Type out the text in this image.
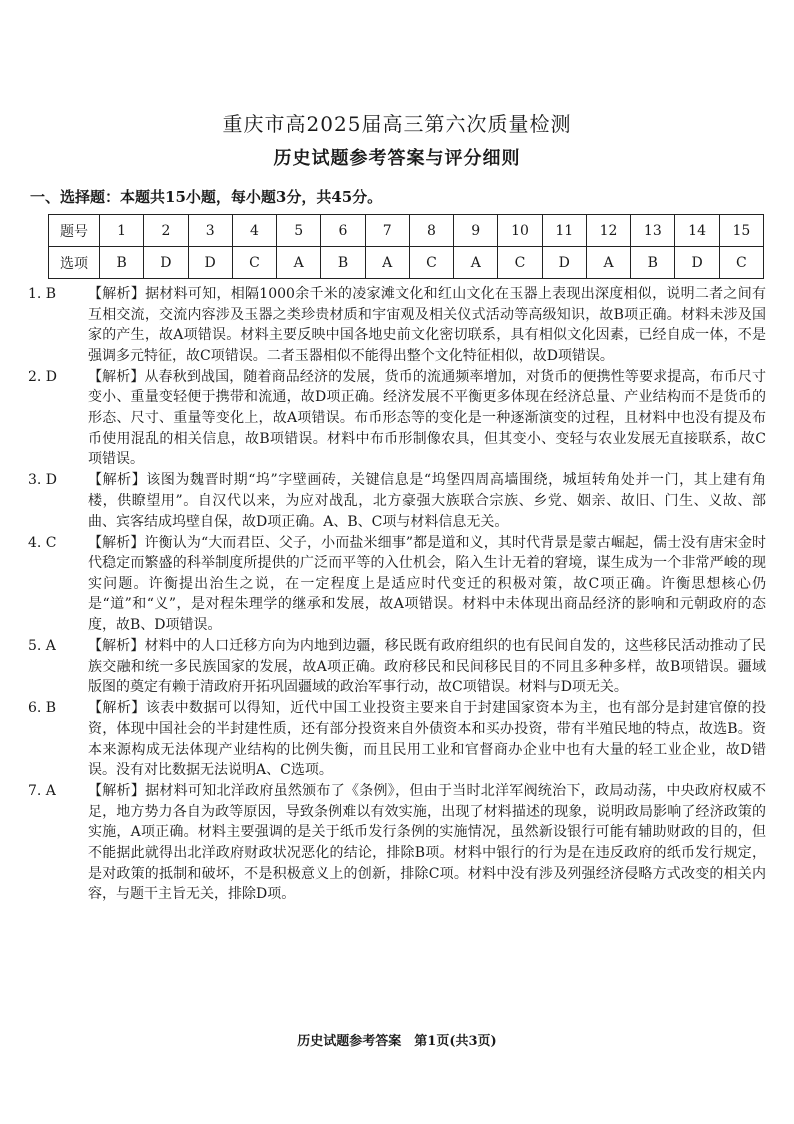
重庆市高2025届高三第六次质量检测
历史试题参考答案与评分细则
一、选择题：本题共15小题，每小题3分，共45分。
题号	1	2	3	4	5	6	7	8	9	10	11	12	13	14	15
选项	B	D	D	C	A	B	A	C	A	C	D	A	B	D	C
1. B	【解析】据材料可知，相隔1000余千米的凌家滩文化和红山文化在玉器上表现出深度相似，说明二者之间有互相交流，交流内容涉及玉器之类珍贵材质和宇宙观及相关仪式活动等高级知识，故B项正确。材料未涉及国家的产生，故A项错误。材料主要反映中国各地史前文化密切联系，具有相似文化因素，已经自成一体，不是强调多元特征，故C项错误。二者玉器相似不能得出整个文化特征相似，故D项错误。
2. D	【解析】从春秋到战国，随着商品经济的发展，货币的流通频率增加，对货币的便携性等要求提高，布币尺寸变小、重量变轻便于携带和流通，故D项正确。经济发展不平衡更多体现在经济总量、产业结构而不是货币的形态、尺寸、重量等变化上，故A项错误。布币形态等的变化是一种逐渐演变的过程，且材料中也没有提及布币使用混乱的相关信息，故B项错误。材料中布币形制像农具，但其变小、变轻与农业发展无直接联系，故C项错误。
3. D	【解析】该图为魏晋时期“坞”字壁画砖，关键信息是“坞堡四周高墙围绕，城垣转角处并一门，其上建有角楼，供瞭望用”。自汉代以来，为应对战乱，北方豪强大族联合宗族、乡党、姻亲、故旧、门生、义故、部曲、宾客结成坞壁自保，故D项正确。A、B、C项与材料信息无关。
4. C	【解析】许衡认为“大而君臣、父子，小而盐米细事”都是道和义，其时代背景是蒙古崛起，儒士没有唐宋金时代稳定而繁盛的科举制度所提供的广泛而平等的入仕机会，陷入生计无着的窘境，谋生成为一个非常严峻的现实问题。许衡提出治生之说，在一定程度上是适应时代变迁的积极对策，故C项正确。许衡思想核心仍是“道”和“义”，是对程朱理学的继承和发展，故A项错误。材料中未体现出商品经济的影响和元朝政府的态度，故B、D项错误。
5. A	【解析】材料中的人口迁移方向为内地到边疆，移民既有政府组织的也有民间自发的，这些移民活动推动了民族交融和统一多民族国家的发展，故A项正确。政府移民和民间移民目的不同且多种多样，故B项错误。疆域版图的奠定有赖于清政府开拓巩固疆域的政治军事行动，故C项错误。材料与D项无关。
6. B	【解析】该表中数据可以得知，近代中国工业投资主要来自于封建国家资本为主，也有部分是封建官僚的投资，体现中国社会的半封建性质，还有部分投资来自外债资本和买办投资，带有半殖民地的特点，故选B。资本来源构成无法体现产业结构的比例失衡，而且民用工业和官督商办企业中也有大量的轻工业企业，故D错误。没有对比数据无法说明A、C选项。
7. A	【解析】据材料可知北洋政府虽然颁布了《条例》，但由于当时北洋军阀统治下，政局动荡，中央政府权威不足，地方势力各自为政等原因，导致条例难以有效实施，出现了材料描述的现象，说明政局影响了经济政策的实施，A项正确。材料主要强调的是关于纸币发行条例的实施情况，虽然新设银行可能有辅助财政的目的，但不能据此就得出北洋政府财政状况恶化的结论，排除B项。材料中银行的行为是在违反政府的纸币发行规定，是对政策的抵制和破坏，不是积极意义上的创新，排除C项。材料中没有涉及列强经济侵略方式改变的相关内容，与题干主旨无关，排除D项。
历史试题参考答案　第1页(共3页)
